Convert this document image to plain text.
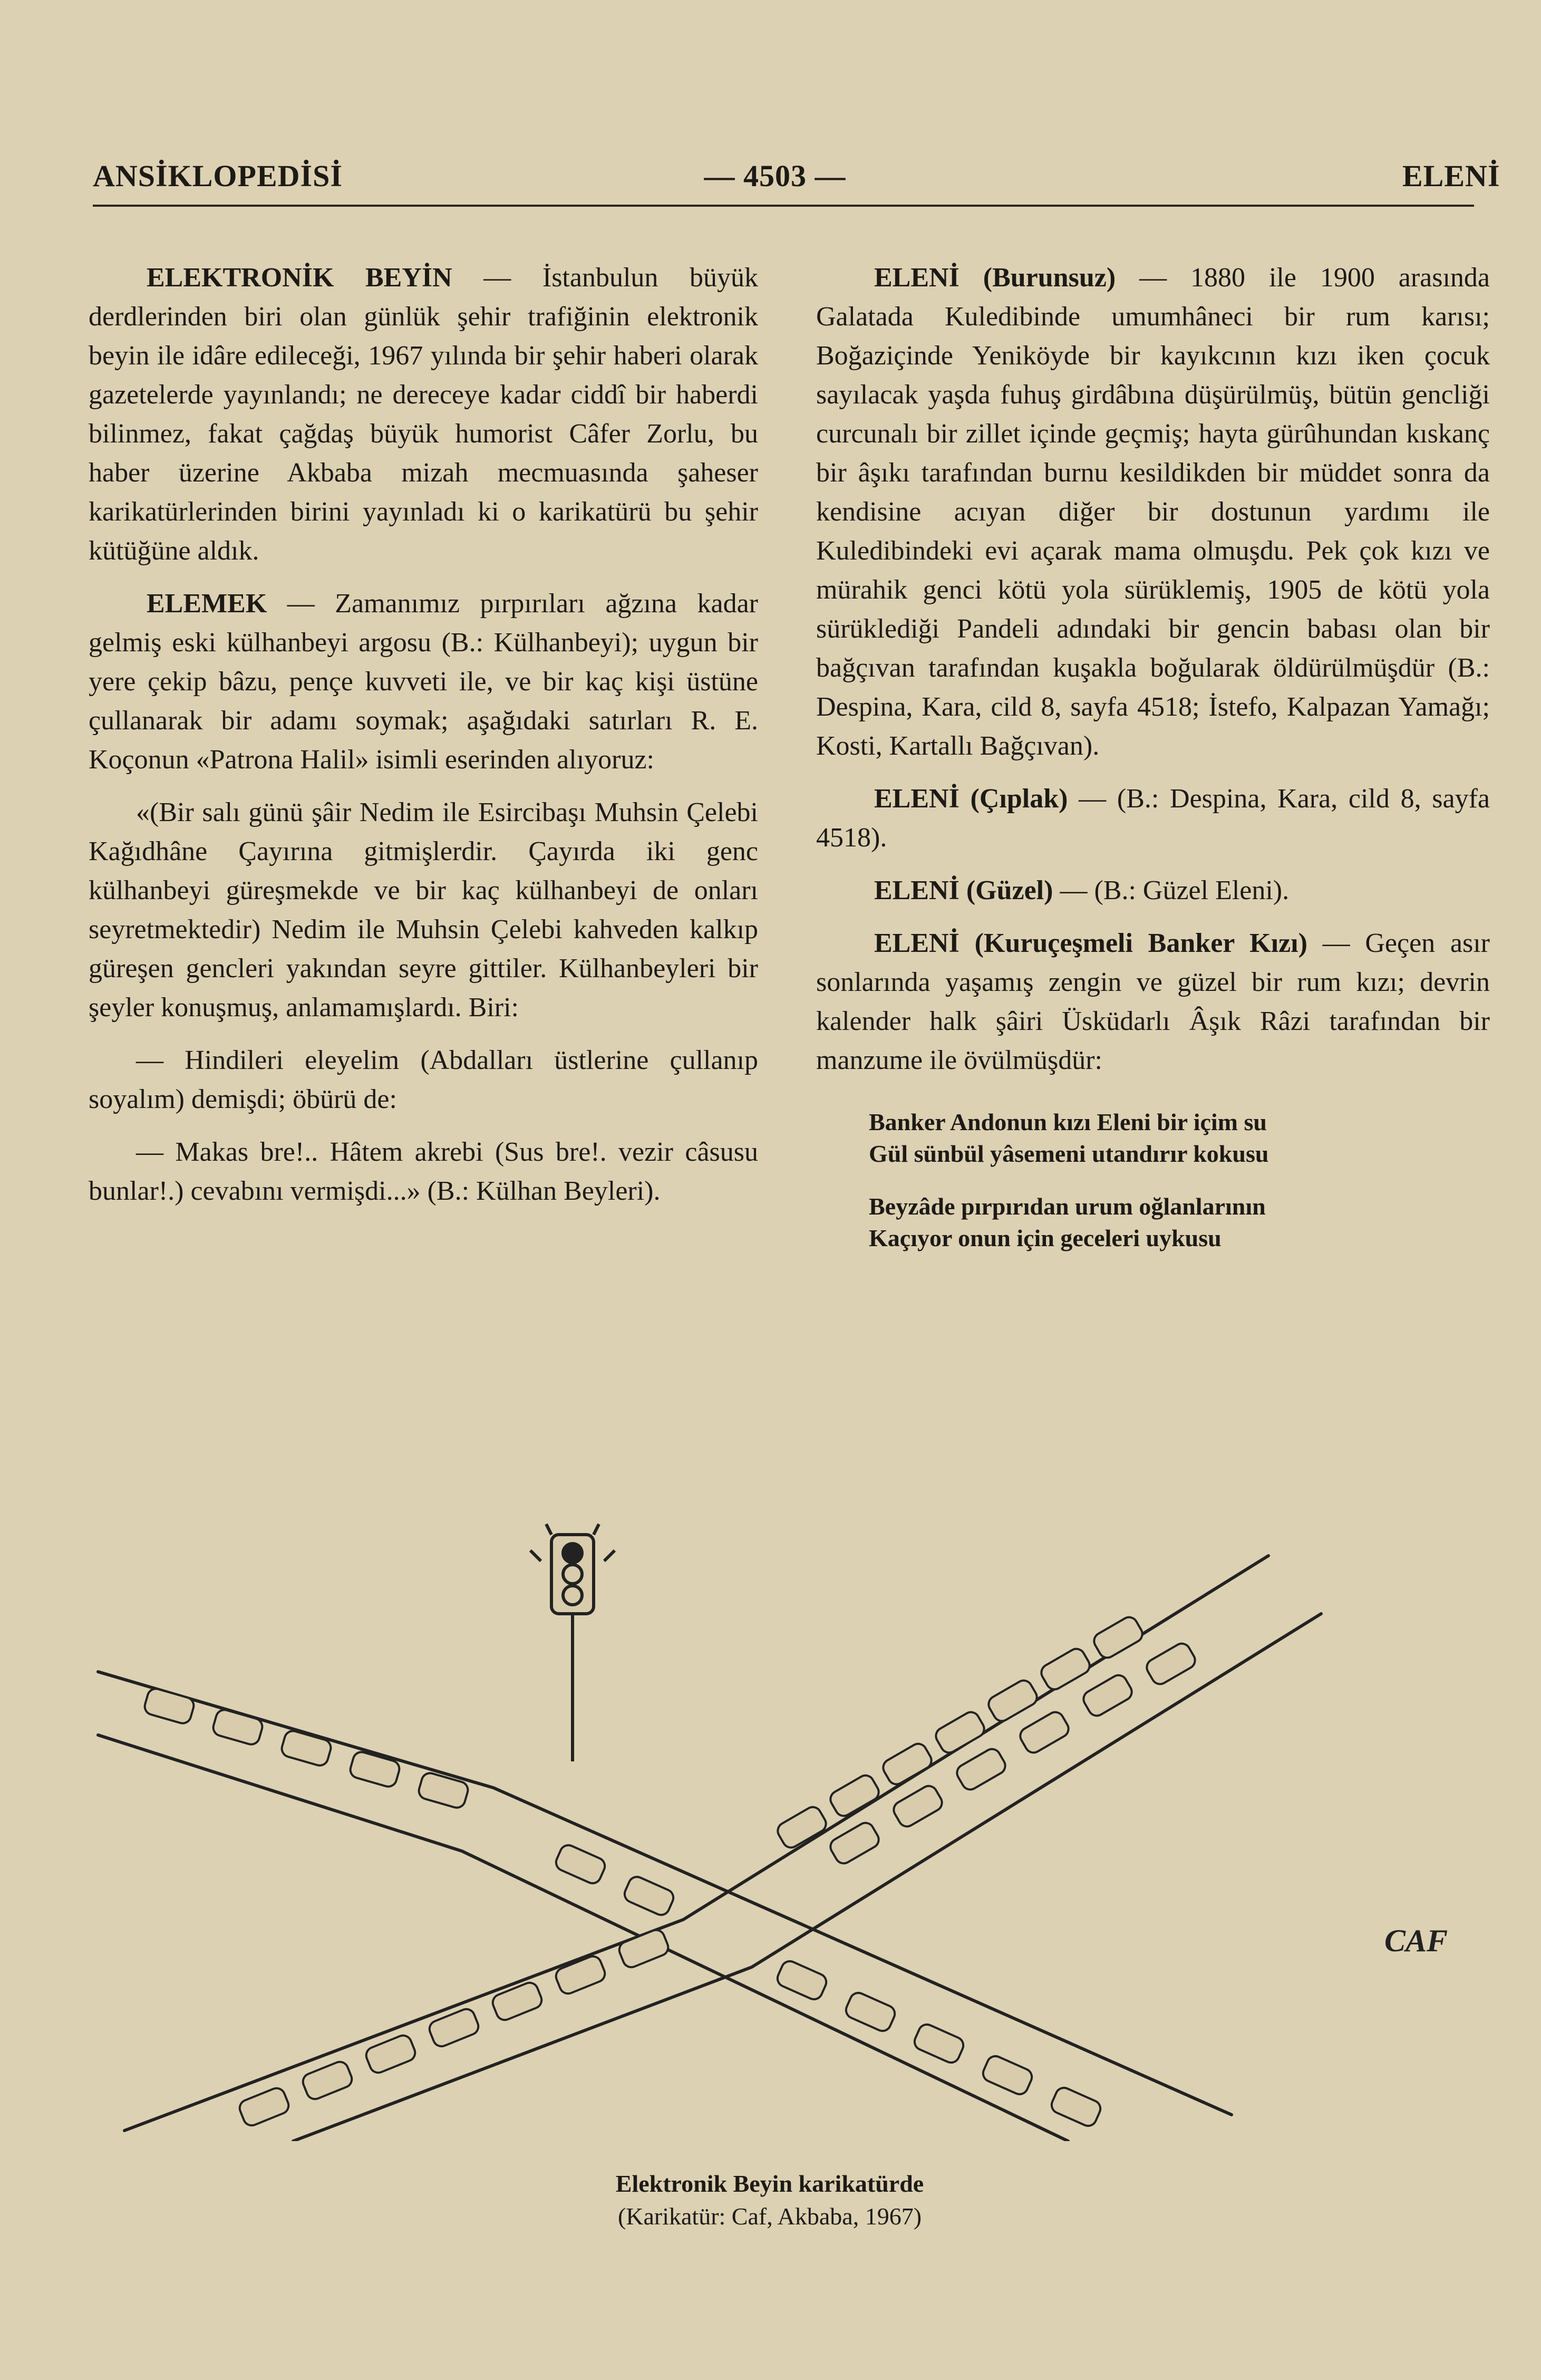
ANSİKLOPEDİSİ	— 4503 —	ELENİ

ELEKTRONİK BEYİN — İstanbulun büyük derdlerinden biri olan günlük şehir trafiğinin elektronik beyin ile idâre edileceği, 1967 yılında bir şehir haberi olarak gazetelerde yayınlandı; ne dereceye kadar ciddî bir haberdi bilinmez, fakat çağdaş büyük humorist Câfer Zorlu, bu haber üzerine Akbaba mizah mecmuasında şaheser karikatürlerinden birini yayınladı ki o karikatürü bu şehir kütüğüne aldık.

ELEMEK — Zamanımız pırpırıları ağzına kadar gelmiş eski külhanbeyi argosu (B.: Külhanbeyi); uygun bir yere çekip bâzu, pençe kuvveti ile, ve bir kaç kişi üstüne çullanarak bir adamı soymak; aşağıdaki satırları R. E. Koçonun «Patrona Halil» isimli eserinden alıyoruz:

«(Bir salı günü şâir Nedim ile Esircibaşı Muhsin Çelebi Kağıdhâne Çayırına gitmişlerdir. Çayırda iki genc külhanbeyi güreşmekde ve bir kaç külhanbeyi de onları seyretmektedir) Nedim ile Muhsin Çelebi kahveden kalkıp güreşen gencleri yakından seyre gittiler. Külhanbeyleri bir şeyler konuşmuş, anlamamışlardı. Biri:

— Hindileri eleyelim (Abdalları üstlerine çullanıp soyalım) demişdi; öbürü de:

— Makas bre!.. Hâtem akrebi (Sus bre!. vezir câsusu bunlar!.) cevabını vermişdi...» (B.: Külhan Beyleri).

ELENİ (Burunsuz) — 1880 ile 1900 arasında Galatada Kuledibinde umumhâneci bir rum karısı; Boğaziçinde Yeniköyde bir kayıkcının kızı iken çocuk sayılacak yaşda fuhuş girdâbına düşürülmüş, bütün gencliği curcunalı bir zillet içinde geçmiş; hayta gürûhundan kıskanç bir âşıkı tarafından burnu kesildikden bir müddet sonra da kendisine acıyan diğer bir dostunun yardımı ile Kuledibindeki evi açarak mama olmuşdu. Pek çok kızı ve mürahik genci kötü yola sürüklemiş, 1905 de kötü yola sürüklediği Pandeli adındaki bir gencin babası olan bir bağçıvan tarafından kuşakla boğularak öldürülmüşdür (B.: Despina, Kara, cild 8, sayfa 4518; İstefo, Kalpazan Yamağı; Kosti, Kartallı Bağçıvan).

ELENİ (Çıplak) — (B.: Despina, Kara, cild 8, sayfa 4518).

ELENİ (Güzel) — (B.: Güzel Eleni).

ELENİ (Kuruçeşmeli Banker Kızı) — Geçen asır sonlarında yaşamış zengin ve güzel bir rum kızı; devrin kalender halk şâiri Üsküdarlı Âşık Râzi tarafından bir manzume ile övülmüşdür:

Banker Andonun kızı Eleni bir içim su
Gül sünbül yâsemeni utandırır kokusu
Beyzâde pırpırıdan urum oğlanlarının
Kaçıyor onun için geceleri uykusu
CAF
Elektronik Beyin karikatürde
(Karikatür: Caf, Akbaba, 1967)
